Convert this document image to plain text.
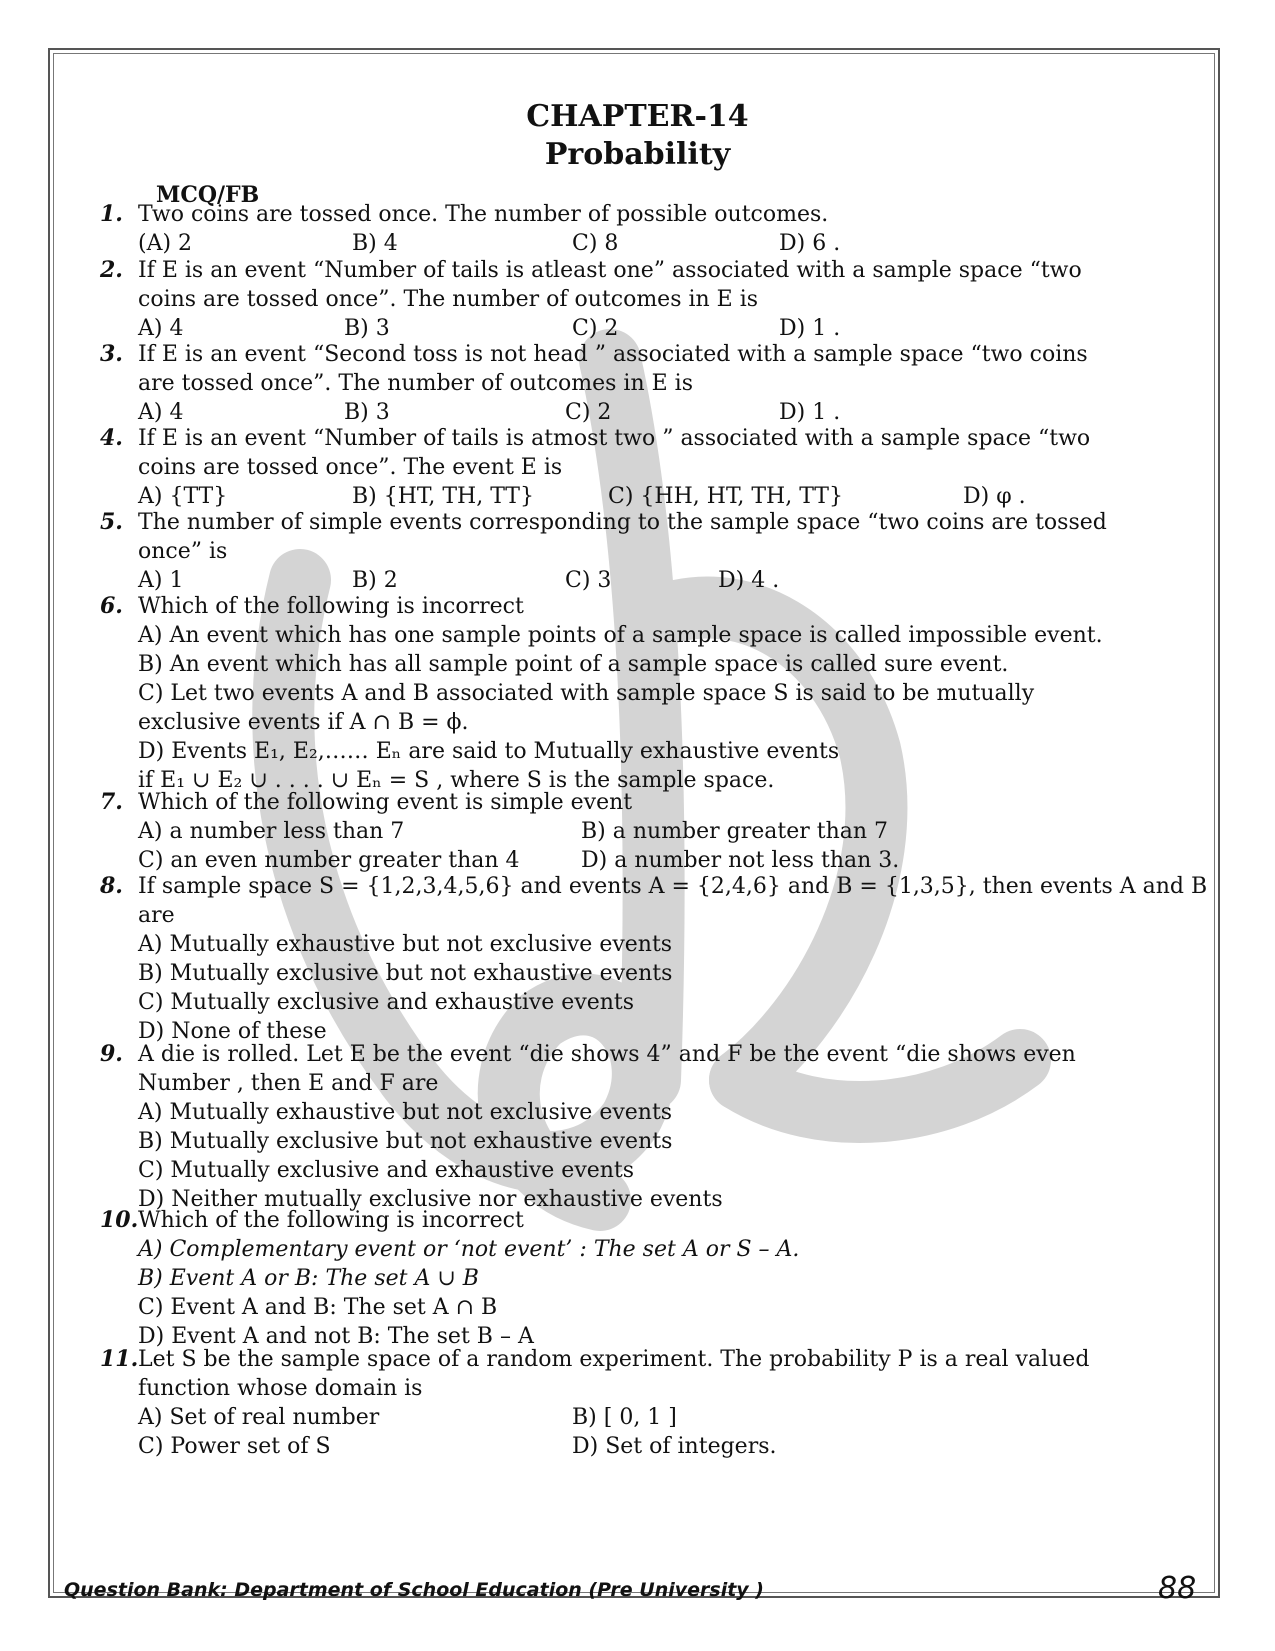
CHAPTER-14
Probability
MCQ/FB
1. Two coins are tossed once. The number of possible outcomes.
(A) 2	B) 4	C) 8	D) 6 .
2. If E is an event “Number of tails is atleast one” associated with a sample space “two
coins are tossed once”. The number of outcomes in E is
A) 4	B) 3	C) 2	D) 1 .
3. If E is an event “Second toss is not head ” associated with a sample space “two coins
are tossed once”. The number of outcomes in E is
A) 4	B) 3	C) 2	D) 1 .
4. If E is an event “Number of tails is atmost two ” associated with a sample space “two
coins are tossed once”. The event E is
A) {TT}	B) {HT, TH, TT}	C) {HH, HT, TH, TT}	D) φ .
5. The number of simple events corresponding to the sample space “two coins are tossed
once” is
A) 1	B) 2	C) 3	D) 4 .
6. Which of the following is incorrect
A) An event which has one sample points of a sample space is called impossible event.
B) An event which has all sample point of a sample space is called sure event.
C) Let two events A and B associated with sample space S is said to be mutually
exclusive events if A ∩ B = ϕ.
D) Events E₁, E₂,…… Eₙ are said to Mutually exhaustive events
if E₁ ∪ E₂ ∪ . . . . ∪ Eₙ = S , where S is the sample space.
7. Which of the following event is simple event
A) a number less than 7	B) a number greater than 7
C) an even number greater than 4	D) a number not less than 3.
8. If sample space S = {1,2,3,4,5,6} and events A = {2,4,6} and B = {1,3,5}, then events A and B
are
A) Mutually exhaustive but not exclusive events
B) Mutually exclusive but not exhaustive events
C) Mutually exclusive and exhaustive events
D) None of these
9. A die is rolled. Let E be the event “die shows 4” and F be the event “die shows even
Number , then E and F are
A) Mutually exhaustive but not exclusive events
B) Mutually exclusive but not exhaustive events
C) Mutually exclusive and exhaustive events
D) Neither mutually exclusive nor exhaustive events
10. Which of the following is incorrect
A) Complementary event or ‘not event’ : The set A or S – A.
B) Event A or B: The set A ∪ B
C) Event A and B: The set A ∩ B
D) Event A and not B: The set B – A
11. Let S be the sample space of a random experiment. The probability P is a real valued
function whose domain is
A) Set of real number	B) [ 0, 1 ]
C) Power set of S	D) Set of integers.
Question Bank: Department of School Education (Pre University )	88
